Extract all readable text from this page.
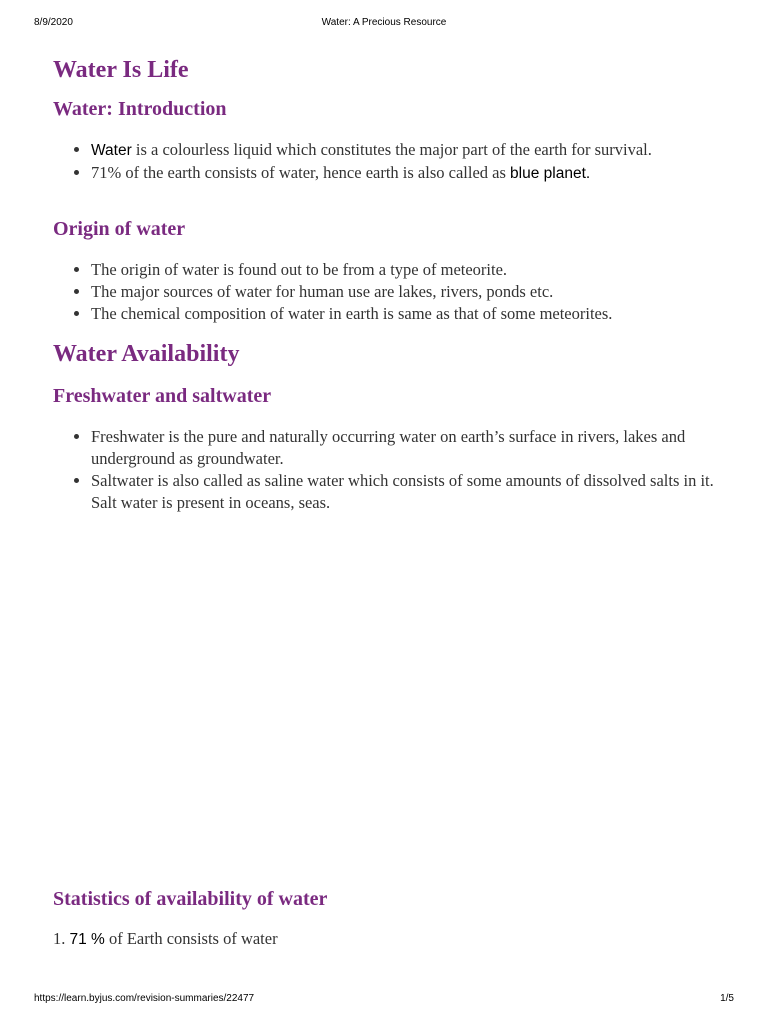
8/9/2020	Water: A Precious Resource
Water Is Life
Water: Introduction
• Water is a colourless liquid which constitutes the major part of the earth for survival.
• 71% of the earth consists of water, hence earth is also called as blue planet.
Origin of water
• The origin of water is found out to be from a type of meteorite.
• The major sources of water for human use are lakes, rivers, ponds etc.
• The chemical composition of water in earth is same as that of some meteorites.
Water Availability
Freshwater and saltwater
• Freshwater is the pure and naturally occurring water on earth’s surface in rivers, lakes and underground as groundwater.
• Saltwater is also called as saline water which consists of some amounts of dissolved salts in it. Salt water is present in oceans, seas.
Statistics of availability of water
1. 71 % of Earth consists of water
https://learn.byjus.com/revision-summaries/22477	1/5
